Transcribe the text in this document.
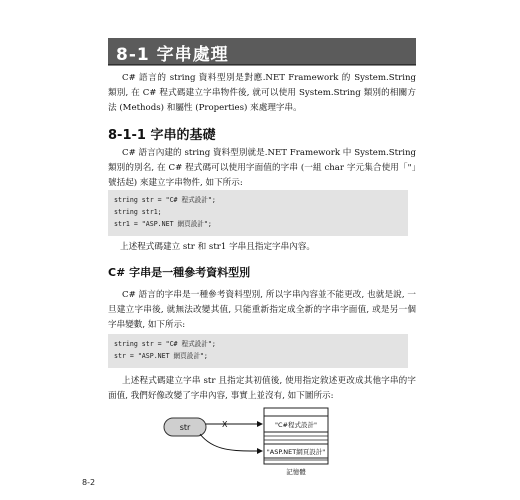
8-1 字串處理

C# 語言的 string 資料型別是對應.NET Framework 的 System.String 類別, 在 C# 程式碼建立字串物件後, 就可以使用 System.String 類別的相關方法 (Methods) 和屬性 (Properties) 來處理字串。

8-1-1 字串的基礎

C# 語言內建的 string 資料型別就是.NET Framework 中 System.String 類別的別名, 在 C# 程式碼可以使用字面值的字串 (一組 char 字元集合使用「"」號括起) 來建立字串物件, 如下所示:

string str = "C# 程式設計";
string str1;
str1 = "ASP.NET 網頁設計";

上述程式碼建立 str 和 str1 字串且指定字串內容。

C# 字串是一種參考資料型別

C# 語言的字串是一種參考資料型別, 所以字串內容並不能更改, 也就是說, 一旦建立字串後, 就無法改變其值, 只能重新指定成全新的字串字面值, 或是另一個字串變數, 如下所示:

string str = "C# 程式設計";
str = "ASP.NET 網頁設計";

上述程式碼建立字串 str 且指定其初值後, 使用指定敘述更改成其他字串的字面值, 我們好像改變了字串內容, 事實上並沒有, 如下圖所示:

str	X	"C#程式設計"
"ASP.NET網頁設計"
記憶體
8-2
